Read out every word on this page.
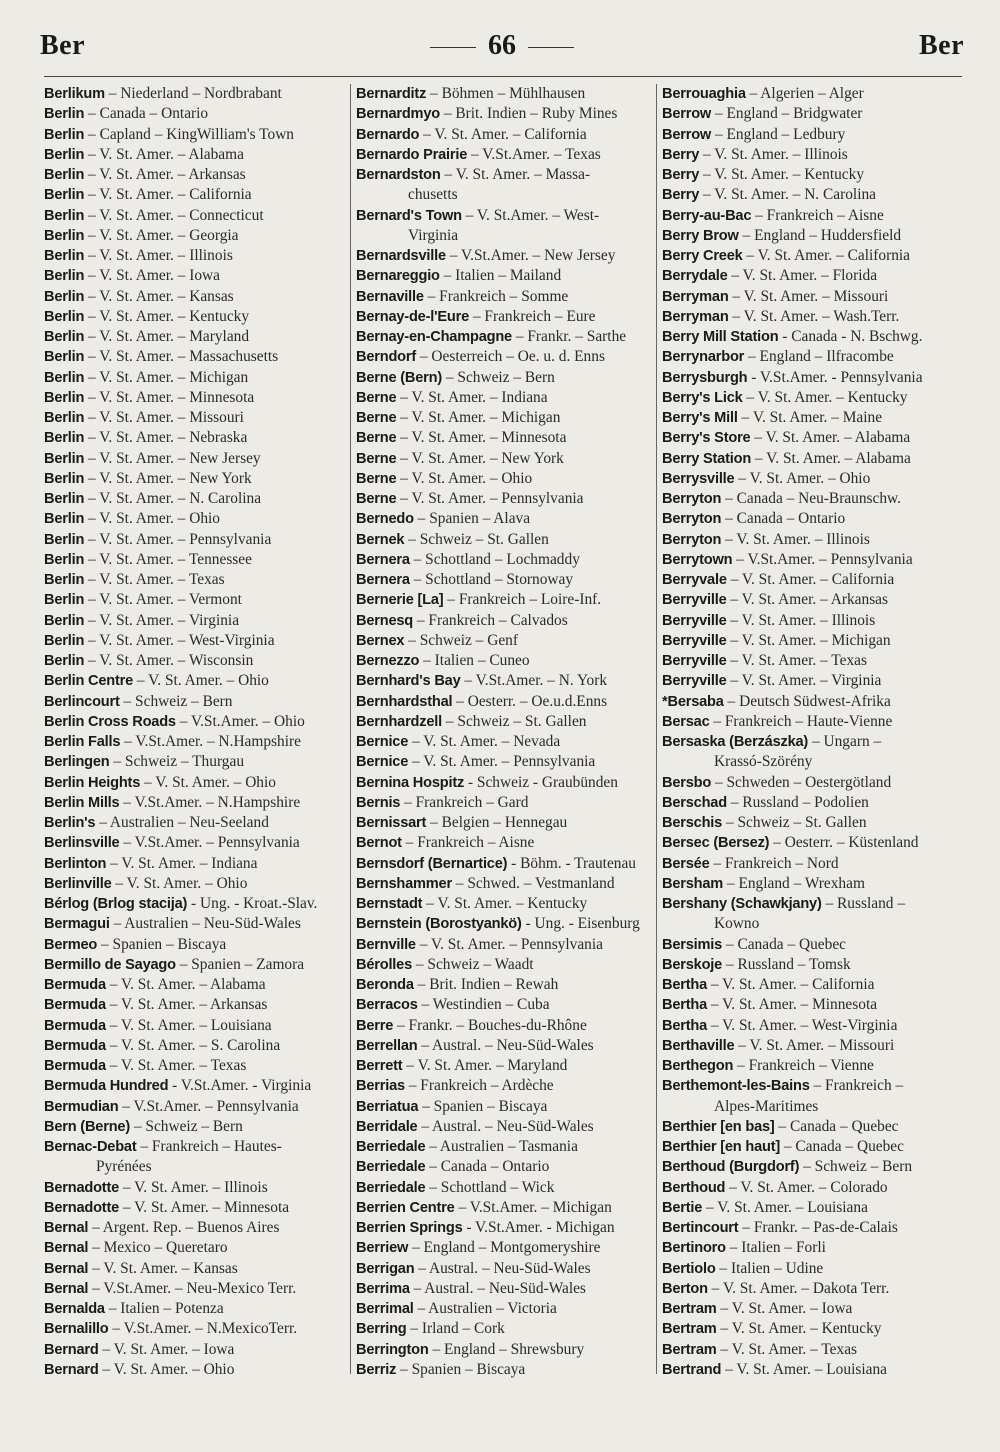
Ber	66	Ber
Berlikum – Niederland – Nordbrabant
Berlin – Canada – Ontario
Berlin – Capland – KingWilliam's Town
Berlin – V. St. Amer. – Alabama
Berlin – V. St. Amer. – Arkansas
Berlin – V. St. Amer. – California
Berlin – V. St. Amer. – Connecticut
Berlin – V. St. Amer. – Georgia
Berlin – V. St. Amer. – Illinois
Berlin – V. St. Amer. – Iowa
Berlin – V. St. Amer. – Kansas
Berlin – V. St. Amer. – Kentucky
Berlin – V. St. Amer. – Maryland
Berlin – V. St. Amer. – Massachusetts
Berlin – V. St. Amer. – Michigan
Berlin – V. St. Amer. – Minnesota
Berlin – V. St. Amer. – Missouri
Berlin – V. St. Amer. – Nebraska
Berlin – V. St. Amer. – New Jersey
Berlin – V. St. Amer. – New York
Berlin – V. St. Amer. – N. Carolina
Berlin – V. St. Amer. – Ohio
Berlin – V. St. Amer. – Pennsylvania
Berlin – V. St. Amer. – Tennessee
Berlin – V. St. Amer. – Texas
Berlin – V. St. Amer. – Vermont
Berlin – V. St. Amer. – Virginia
Berlin – V. St. Amer. – West-Virginia
Berlin – V. St. Amer. – Wisconsin
Berlin Centre – V. St. Amer. – Ohio
Berlincourt – Schweiz – Bern
Berlin Cross Roads – V.St.Amer. – Ohio
Berlin Falls – V.St.Amer. – N.Hampshire
Berlingen – Schweiz – Thurgau
Berlin Heights – V. St. Amer. – Ohio
Berlin Mills – V.St.Amer. – N.Hampshire
Berlin's – Australien – Neu-Seeland
Berlinsville – V.St.Amer. – Pennsylvania
Berlinton – V. St. Amer. – Indiana
Berlinville – V. St. Amer. – Ohio
Bérlog (Brlog stacija) - Ung. - Kroat.-Slav.
Bermagui – Australien – Neu-Süd-Wales
Bermeo – Spanien – Biscaya
Bermillo de Sayago – Spanien – Zamora
Bermuda – V. St. Amer. – Alabama
Bermuda – V. St. Amer. – Arkansas
Bermuda – V. St. Amer. – Louisiana
Bermuda – V. St. Amer. – S. Carolina
Bermuda – V. St. Amer. – Texas
Bermuda Hundred - V.St.Amer. - Virginia
Bermudian – V.St.Amer. – Pennsylvania
Bern (Berne) – Schweiz – Bern
Bernac-Debat – Frankreich – Hautes-
Pyrénées
Bernadotte – V. St. Amer. – Illinois
Bernadotte – V. St. Amer. – Minnesota
Bernal – Argent. Rep. – Buenos Aires
Bernal – Mexico – Queretaro
Bernal – V. St. Amer. – Kansas
Bernal – V.St.Amer. – Neu-Mexico Terr.
Bernalda – Italien – Potenza
Bernalillo – V.St.Amer. – N.MexicoTerr.
Bernard – V. St. Amer. – Iowa
Bernard – V. St. Amer. – Ohio
Bernarditz – Böhmen – Mühlhausen
Bernardmyo – Brit. Indien – Ruby Mines
Bernardo – V. St. Amer. – California
Bernardo Prairie – V.St.Amer. – Texas
Bernardston – V. St. Amer. – Massa-
chusetts
Bernard's Town – V. St.Amer. – West-
Virginia
Bernardsville – V.St.Amer. – New Jersey
Bernareggio – Italien – Mailand
Bernaville – Frankreich – Somme
Bernay-de-l'Eure – Frankreich – Eure
Bernay-en-Champagne – Frankr. – Sarthe
Berndorf – Oesterreich – Oe. u. d. Enns
Berne (Bern) – Schweiz – Bern
Berne – V. St. Amer. – Indiana
Berne – V. St. Amer. – Michigan
Berne – V. St. Amer. – Minnesota
Berne – V. St. Amer. – New York
Berne – V. St. Amer. – Ohio
Berne – V. St. Amer. – Pennsylvania
Bernedo – Spanien – Alava
Bernek – Schweiz – St. Gallen
Bernera – Schottland – Lochmaddy
Bernera – Schottland – Stornoway
Bernerie [La] – Frankreich – Loire-Inf.
Bernesq – Frankreich – Calvados
Bernex – Schweiz – Genf
Bernezzo – Italien – Cuneo
Bernhard's Bay – V.St.Amer. – N. York
Bernhardsthal – Oesterr. – Oe.u.d.Enns
Bernhardzell – Schweiz – St. Gallen
Bernice – V. St. Amer. – Nevada
Bernice – V. St. Amer. – Pennsylvania
Bernina Hospitz - Schweiz - Graubünden
Bernis – Frankreich – Gard
Bernissart – Belgien – Hennegau
Bernot – Frankreich – Aisne
Bernsdorf (Bernartice) - Böhm. - Trautenau
Bernshammer – Schwed. – Vestmanland
Bernstadt – V. St. Amer. – Kentucky
Bernstein (Borostyankö) - Ung. - Eisenburg
Bernville – V. St. Amer. – Pennsylvania
Bérolles – Schweiz – Waadt
Beronda – Brit. Indien – Rewah
Berracos – Westindien – Cuba
Berre – Frankr. – Bouches-du-Rhône
Berrellan – Austral. – Neu-Süd-Wales
Berrett – V. St. Amer. – Maryland
Berrias – Frankreich – Ardèche
Berriatua – Spanien – Biscaya
Berridale – Austral. – Neu-Süd-Wales
Berriedale – Australien – Tasmania
Berriedale – Canada – Ontario
Berriedale – Schottland – Wick
Berrien Centre – V.St.Amer. – Michigan
Berrien Springs - V.St.Amer. - Michigan
Berriew – England – Montgomeryshire
Berrigan – Austral. – Neu-Süd-Wales
Berrima – Austral. – Neu-Süd-Wales
Berrimal – Australien – Victoria
Berring – Irland – Cork
Berrington – England – Shrewsbury
Berriz – Spanien – Biscaya
Berrouaghia – Algerien – Alger
Berrow – England – Bridgwater
Berrow – England – Ledbury
Berry – V. St. Amer. – Illinois
Berry – V. St. Amer. – Kentucky
Berry – V. St. Amer. – N. Carolina
Berry-au-Bac – Frankreich – Aisne
Berry Brow – England – Huddersfield
Berry Creek – V. St. Amer. – California
Berrydale – V. St. Amer. – Florida
Berryman – V. St. Amer. – Missouri
Berryman – V. St. Amer. – Wash.Terr.
Berry Mill Station - Canada - N. Bschwg.
Berrynarbor – England – Ilfracombe
Berrysburgh - V.St.Amer. - Pennsylvania
Berry's Lick – V. St. Amer. – Kentucky
Berry's Mill – V. St. Amer. – Maine
Berry's Store – V. St. Amer. – Alabama
Berry Station – V. St. Amer. – Alabama
Berrysville – V. St. Amer. – Ohio
Berryton – Canada – Neu-Braunschw.
Berryton – Canada – Ontario
Berryton – V. St. Amer. – Illinois
Berrytown – V.St.Amer. – Pennsylvania
Berryvale – V. St. Amer. – California
Berryville – V. St. Amer. – Arkansas
Berryville – V. St. Amer. – Illinois
Berryville – V. St. Amer. – Michigan
Berryville – V. St. Amer. – Texas
Berryville – V. St. Amer. – Virginia
*Bersaba – Deutsch Südwest-Afrika
Bersac – Frankreich – Haute-Vienne
Bersaska (Berzászka) – Ungarn –
Krassó-Szörény
Bersbo – Schweden – Oestergötland
Berschad – Russland – Podolien
Berschis – Schweiz – St. Gallen
Bersec (Bersez) – Oesterr. – Küstenland
Bersée – Frankreich – Nord
Bersham – England – Wrexham
Bershany (Schawkjany) – Russland –
Kowno
Bersimis – Canada – Quebec
Berskoje – Russland – Tomsk
Bertha – V. St. Amer. – California
Bertha – V. St. Amer. – Minnesota
Bertha – V. St. Amer. – West-Virginia
Berthaville – V. St. Amer. – Missouri
Berthegon – Frankreich – Vienne
Berthemont-les-Bains – Frankreich –
Alpes-Maritimes
Berthier [en bas] – Canada – Quebec
Berthier [en haut] – Canada – Quebec
Berthoud (Burgdorf) – Schweiz – Bern
Berthoud – V. St. Amer. – Colorado
Bertie – V. St. Amer. – Louisiana
Bertincourt – Frankr. – Pas-de-Calais
Bertinoro – Italien – Forli
Bertiolo – Italien – Udine
Berton – V. St. Amer. – Dakota Terr.
Bertram – V. St. Amer. – Iowa
Bertram – V. St. Amer. – Kentucky
Bertram – V. St. Amer. – Texas
Bertrand – V. St. Amer. – Louisiana
